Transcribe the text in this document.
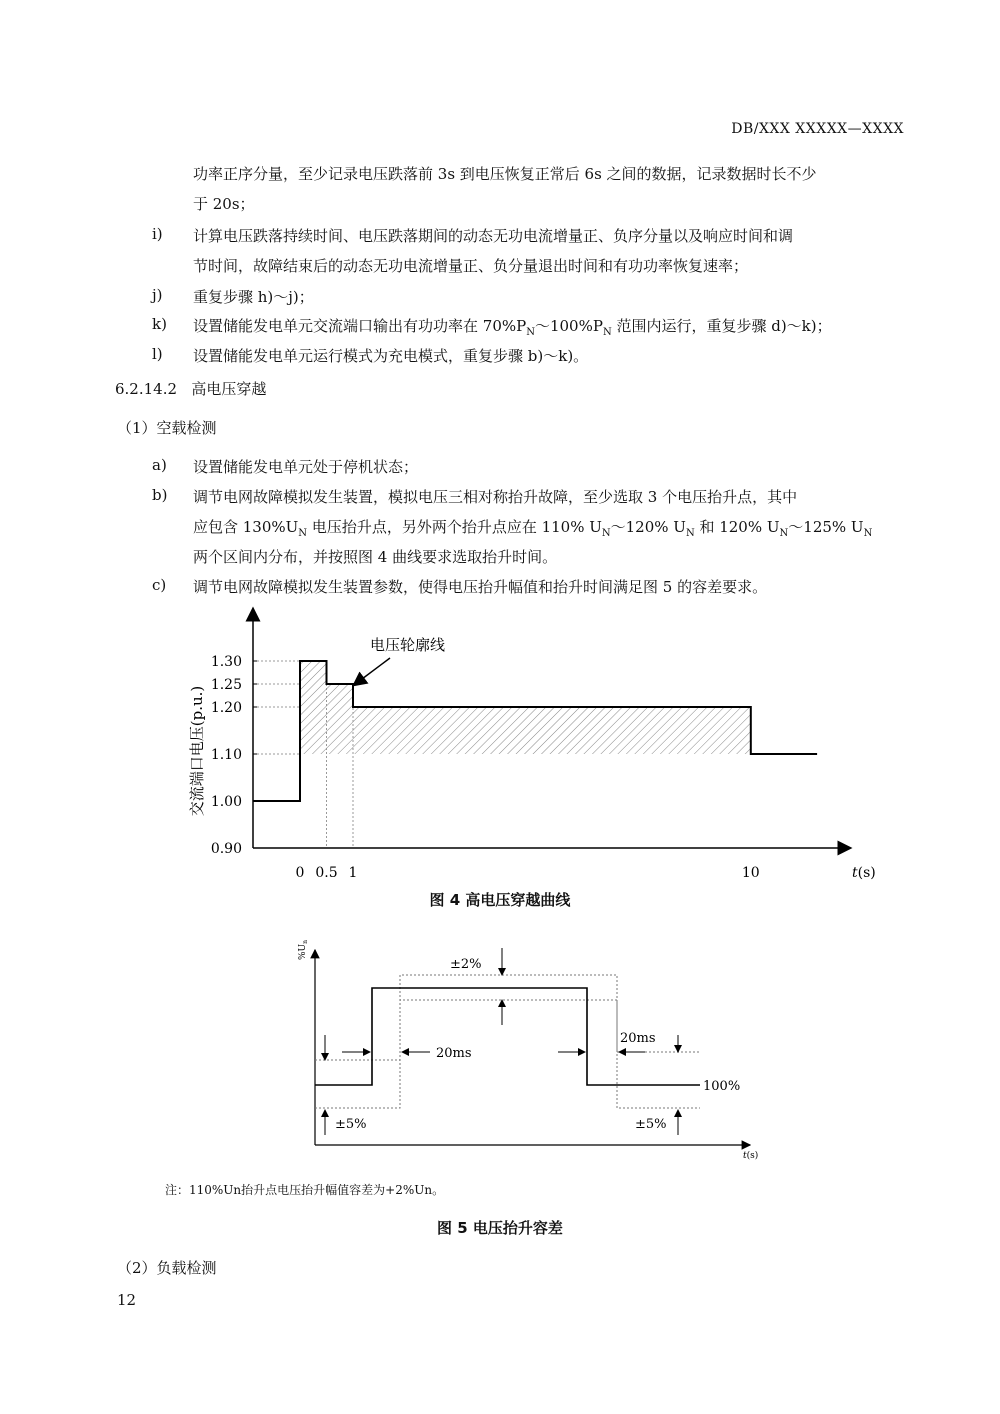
DB/XXX XXXXX—XXXX
功率正序分量，至少记录电压跌落前 3s 到电压恢复正常后 6s 之间的数据，记录数据时长不少
于 20s；
i) 计算电压跌落持续时间、电压跌落期间的动态无功电流增量正、负序分量以及响应时间和调
节时间，故障结束后的动态无功电流增量正、负分量退出时间和有功功率恢复速率；
j) 重复步骤 h)～j)；
k) 设置储能发电单元交流端口输出有功功率在 $70\%P_N\sim 100\%P_N$ 范围内运行，重复步骤 d)～k)；
l) 设置储能发电单元运行模式为充电模式，重复步骤 b)～k)。
6.2.14.2 高电压穿越
（1）空载检测
a) 设置储能发电单元处于停机状态；
b) 调节电网故障模拟发生装置，模拟电压三相对称抬升故障，至少选取 3 个电压抬升点，其中
应包含 $130\%U_N$ 电压抬升点，另外两个抬升点应在 110% $U_N\sim 120\%$ $U_N$ 和 120% $U_N\sim 125\%$ $U_N$
两个区间内分布，并按照图 4 曲线要求选取抬升时间。
c) 调节电网故障模拟发生装置参数，使得电压抬升幅值和抬升时间满足图 5 的容差要求。
1.30
1.25
1.20
1.10
1.00
0.90
0 0.5 1	10
交流端口电压(p.u.)
t(s)
电压轮廓线
图 4 高电压穿越曲线
$\%U_n$
t(s)
±2%
20ms
20ms
100%
±5%	±5%
注：110%Un抬升点电压抬升幅值容差为+2%Un。
图 5 电压抬升容差
（2）负载检测
12
